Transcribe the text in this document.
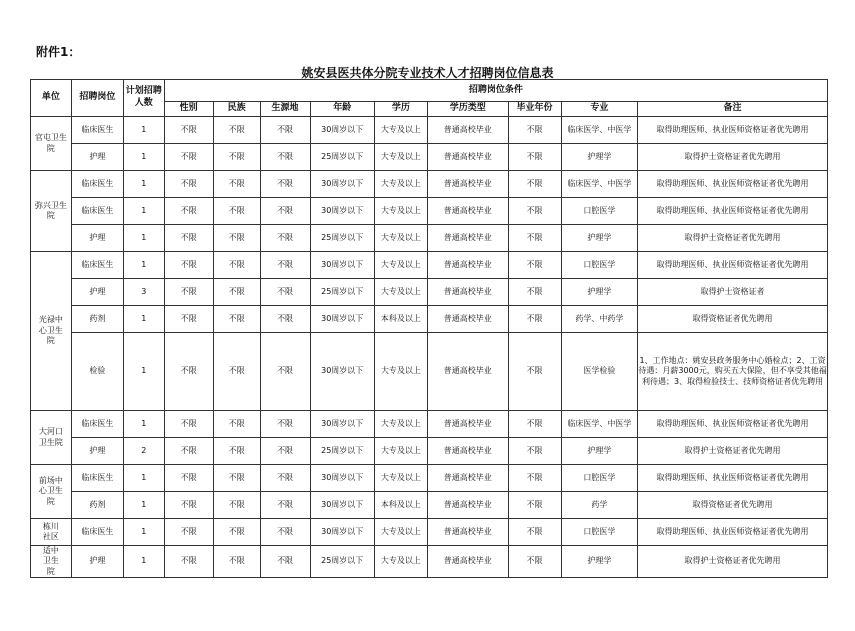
附件1：
姚安县医共体分院专业技术人才招聘岗位信息表
单位	招聘岗位	计划招聘人数	招聘岗位条件								
			性别	民族	生源地	年龄	学历	学历类型	毕业年份	专业	备注
官屯卫生
院	临床医生	1	不限	不限	不限	30周岁以下	大专及以上	普通高校毕业	不限	临床医学、中医学	取得助理医师、执业医师资格证者优先聘用
	护理	1	不限	不限	不限	25周岁以下	大专及以上	普通高校毕业	不限	护理学	取得护士资格证者优先聘用
弥兴卫生
院	临床医生	1	不限	不限	不限	30周岁以下	大专及以上	普通高校毕业	不限	临床医学、中医学	取得助理医师、执业医师资格证者优先聘用
	临床医生	1	不限	不限	不限	30周岁以下	大专及以上	普通高校毕业	不限	口腔医学	取得助理医师、执业医师资格证者优先聘用
	护理	1	不限	不限	不限	25周岁以下	大专及以上	普通高校毕业	不限	护理学	取得护士资格证者优先聘用
光禄中
心卫生
院	临床医生	1	不限	不限	不限	30周岁以下	大专及以上	普通高校毕业	不限	口腔医学	取得助理医师、执业医师资格证者优先聘用
	护理	3	不限	不限	不限	25周岁以下	大专及以上	普通高校毕业	不限	护理学	取得护士资格证者
	药剂	1	不限	不限	不限	30周岁以下	本科及以上	普通高校毕业	不限	药学、中药学	取得资格证者优先聘用
	检验	1	不限	不限	不限	30周岁以下	大专及以上	普通高校毕业	不限	医学检验	1、工作地点：姚安县政务服务中心婚检点；2、工资待遇：月薪3000元，购买五大保险，但不享受其他福利待遇；3、取得检验技士、技师资格证者优先聘用
大河口
卫生院	临床医生	1	不限	不限	不限	30周岁以下	大专及以上	普通高校毕业	不限	临床医学、中医学	取得助理医师、执业医师资格证者优先聘用
	护理	2	不限	不限	不限	25周岁以下	大专及以上	普通高校毕业	不限	护理学	取得护士资格证者优先聘用
前场中
心卫生
院	临床医生	1	不限	不限	不限	30周岁以下	大专及以上	普通高校毕业	不限	口腔医学	取得助理医师、执业医师资格证者优先聘用
	药剂	1	不限	不限	不限	30周岁以下	本科及以上	普通高校毕业	不限	药学	取得资格证者优先聘用
栋川
社区	临床医生	1	不限	不限	不限	30周岁以下	大专及以上	普通高校毕业	不限	口腔医学	取得助理医师、执业医师资格证者优先聘用
适中
卫生
院	护理	1	不限	不限	不限	25周岁以下	大专及以上	普通高校毕业	不限	护理学	取得护士资格证者优先聘用
